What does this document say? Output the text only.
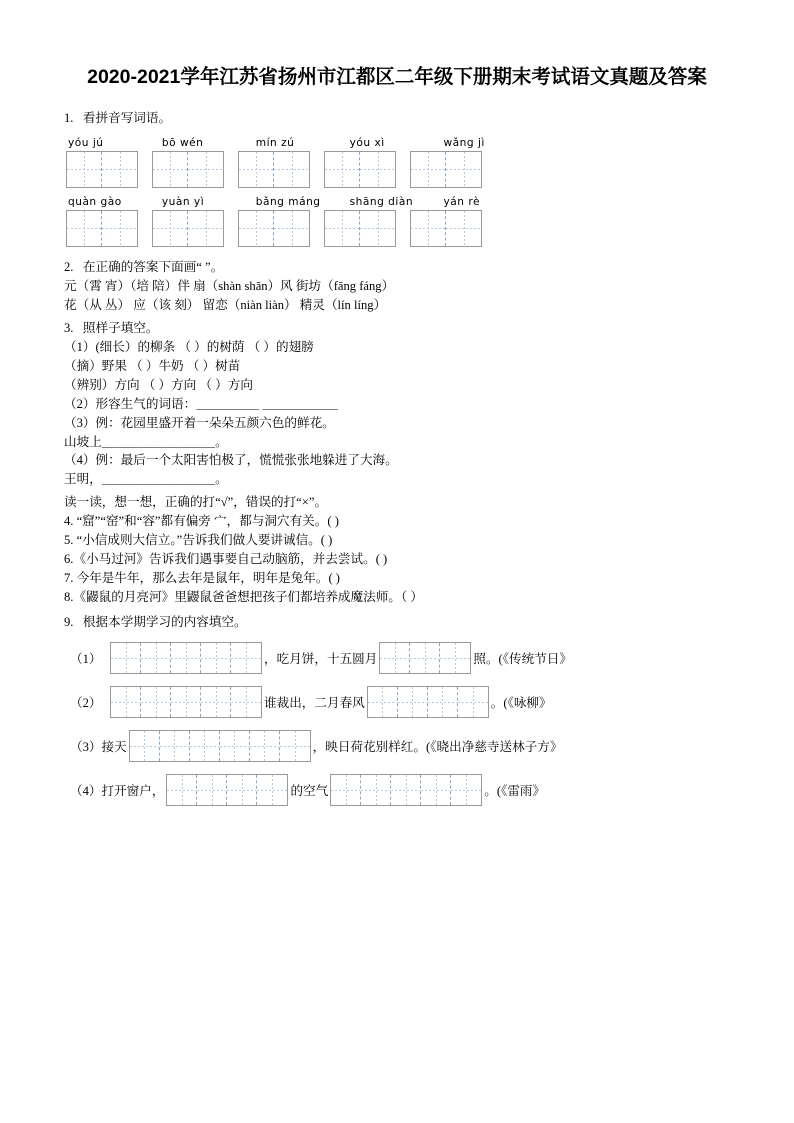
2020-2021学年江苏省扬州市江都区二年级下册期末考试语文真题及答案
1. 看拼音写词语。
yóu jú	bō wén	mín zú	yóu xì	wǎng jì
quàn gào	yuàn yì	bǎng máng	shāng diàn	yán rè
2. 在正确的答案下面画“ ”。
元（霄 宵）（培 陪）伴 扇（shàn shān）风 街坊（fāng fáng）
花（从 丛） 应（该 刻） 留恋（niàn liàn） 精灵（lín líng）
3. 照样子填空。
（1）(细长）的柳条 （ ）的树荫 （ ）的翅膀
（摘）野果 （ ）牛奶 （ ）树苗
（辨别）方向 （ ）方向 （ ）方向
（2）形容生气的词语：＿＿＿＿＿ ＿＿＿＿＿＿
（3）例：花园里盛开着一朵朵五颜六色的鲜花。
山坡上＿＿＿＿＿＿＿＿＿。
（4）例：最后一个太阳害怕极了，慌慌张张地躲进了大海。
王明，＿＿＿＿＿＿＿＿＿。
读一读，想一想，正确的打“√”，错误的打“×”。
4. “窟”“窑”和“容”都有偏旁 宀，都与洞穴有关。( )
5. “小信成则大信立。”告诉我们做人要讲诚信。( )
6.《小马过河》告诉我们遇事要自己动脑筋，并去尝试。( )
7. 今年是牛年，那么去年是鼠年，明年是兔年。( )
8.《鼹鼠的月亮河》里鼹鼠爸爸想把孩子们都培养成魔法师。（ ）
9. 根据本学期学习的内容填空。
（1）	，吃月饼，十五圆月	照。(《传统节日》
（2）	谁裁出，二月春风	。(《咏柳》
（3） 接天	，映日荷花别样红。(《晓出净慈寺送林子方》
（4） 打开窗户，	的空气	。(《雷雨》
